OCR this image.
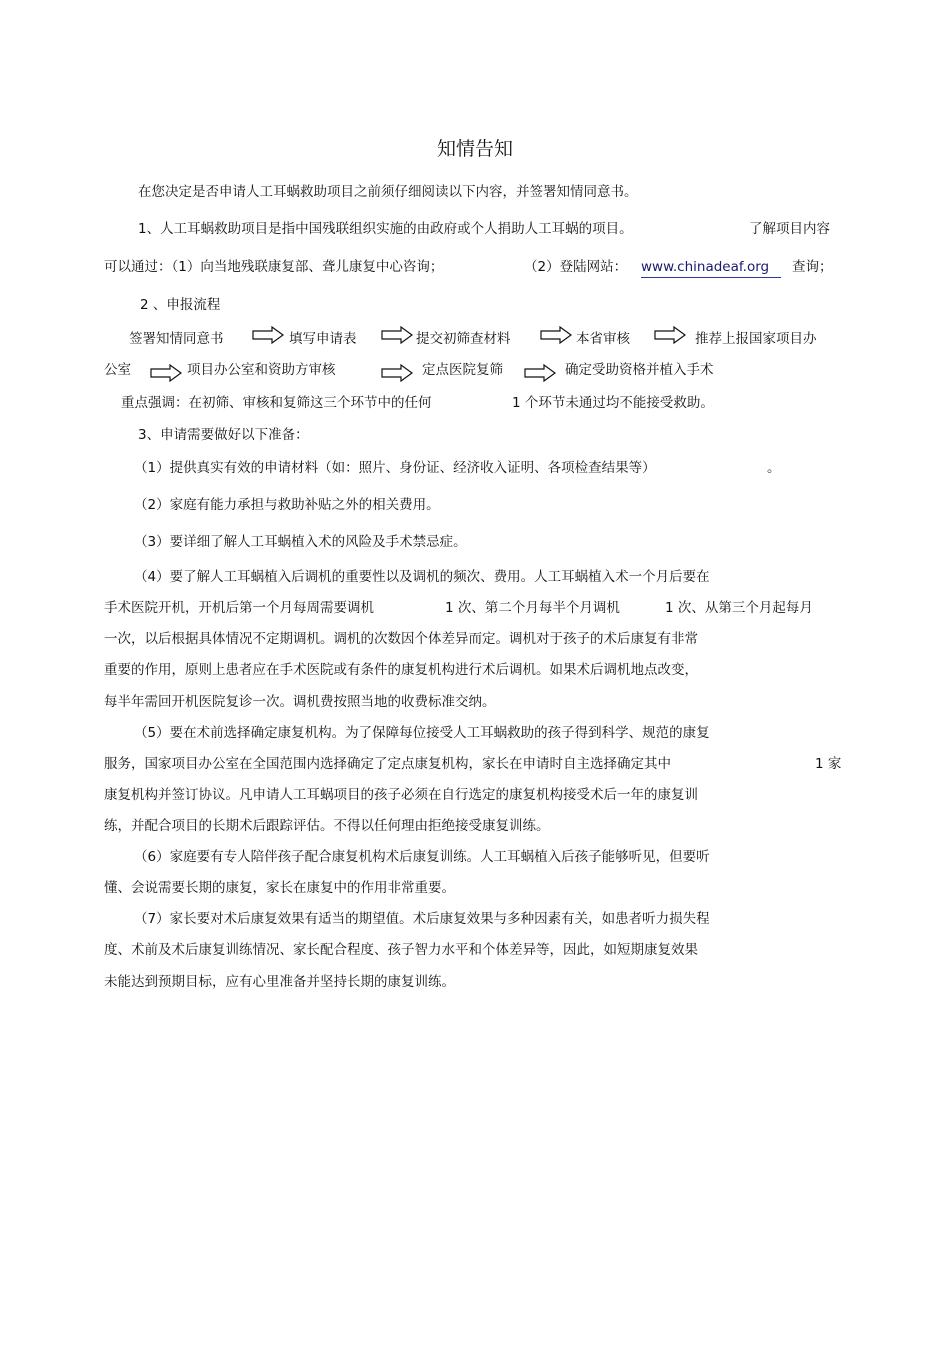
知情告知
在您决定是否申请人工耳蜗救助项目之前须仔细阅读以下内容，并签署知情同意书。
1、人工耳蜗救助项目是指中国残联组织实施的由政府或个人捐助人工耳蜗的项目。	了解项目内容
可以通过：（1）向当地残联康复部、聋儿康复中心咨询；	（2）登陆网站： www.chinadeaf.org	查询；
2 、申报流程
签署知情同意书	填写申请表	提交初筛查材料	本省审核	推荐上报国家项目办
公室	项目办公室和资助方审核	定点医院复筛	确定受助资格并植入手术
重点强调：在初筛、审核和复筛这三个环节中的任何	1 个环节未通过均不能接受救助。
3、申请需要做好以下准备：
（1）提供真实有效的申请材料（如：照片、身份证、经济收入证明、各项检查结果等）	。
（2）家庭有能力承担与救助补贴之外的相关费用。
（3）要详细了解人工耳蜗植入术的风险及手术禁忌症。
（4）要了解人工耳蜗植入后调机的重要性以及调机的频次、费用。人工耳蜗植入术一个月后要在
手术医院开机，开机后第一个月每周需要调机	1 次、第二个月每半个月调机	1 次、从第三个月起每月
一次，以后根据具体情况不定期调机。调机的次数因个体差异而定。调机对于孩子的术后康复有非常
重要的作用，原则上患者应在手术医院或有条件的康复机构进行术后调机。如果术后调机地点改变，
每半年需回开机医院复诊一次。调机费按照当地的收费标准交纳。
（5）要在术前选择确定康复机构。为了保障每位接受人工耳蜗救助的孩子得到科学、规范的康复
服务，国家项目办公室在全国范围内选择确定了定点康复机构，家长在申请时自主选择确定其中	1 家
康复机构并签订协议。凡申请人工耳蜗项目的孩子必须在自行选定的康复机构接受术后一年的康复训
练，并配合项目的长期术后跟踪评估。不得以任何理由拒绝接受康复训练。
（6）家庭要有专人陪伴孩子配合康复机构术后康复训练。人工耳蜗植入后孩子能够听见，但要听
懂、会说需要长期的康复，家长在康复中的作用非常重要。
（7）家长要对术后康复效果有适当的期望值。术后康复效果与多种因素有关，如患者听力损失程
度、术前及术后康复训练情况、家长配合程度、孩子智力水平和个体差异等，因此，如短期康复效果
未能达到预期目标，应有心里准备并坚持长期的康复训练。
